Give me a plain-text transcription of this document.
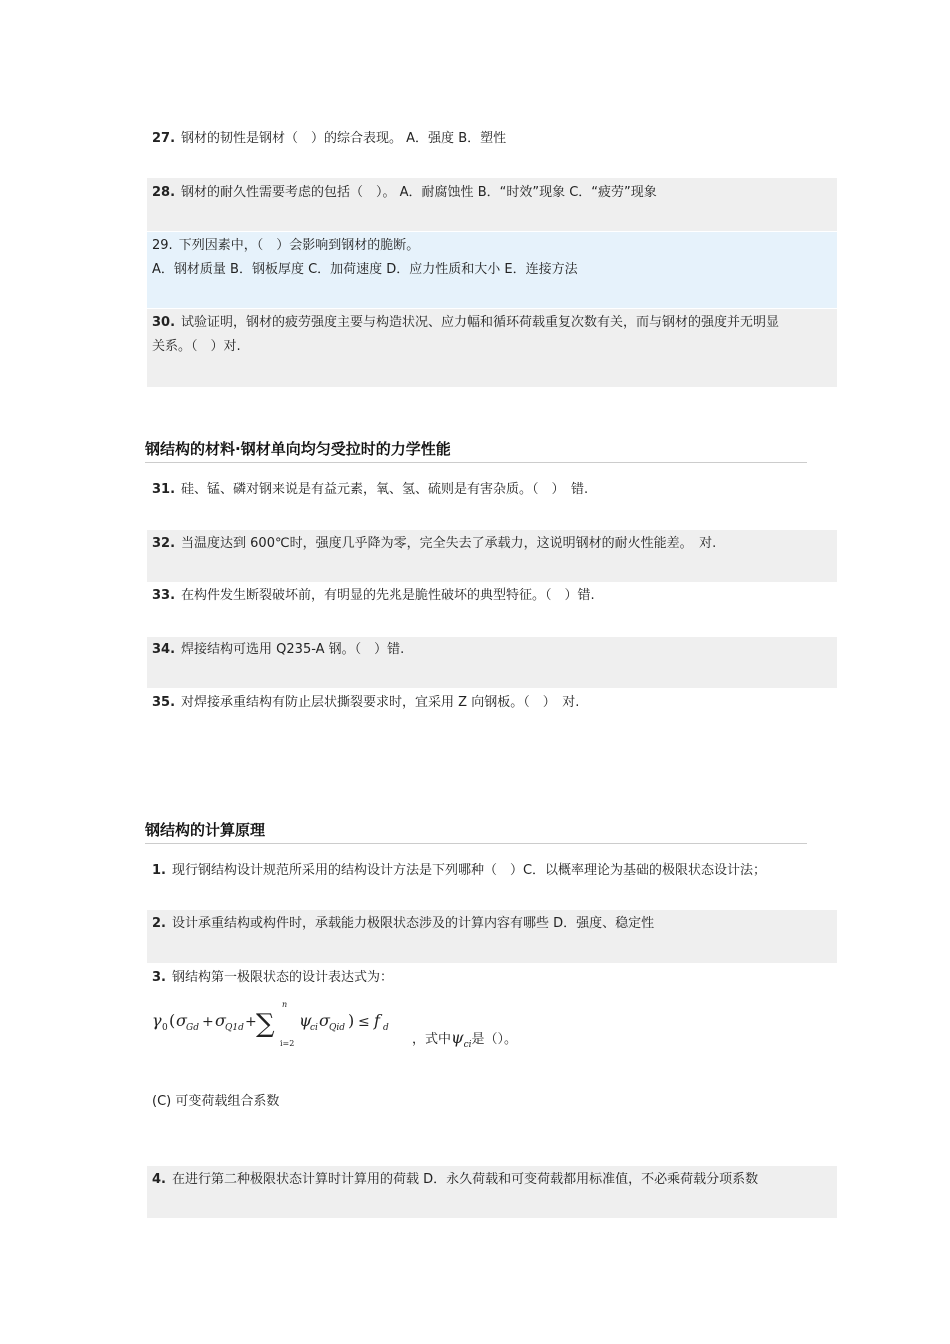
27. 钢材的韧性是钢材（　）的综合表现。 A．强度 B．塑性
28. 钢材的耐久性需要考虑的包括（　）。 A．耐腐蚀性 B．“时效”现象 C．“疲劳”现象
29. 下列因素中，（　）会影响到钢材的脆断。
A．钢材质量 B．钢板厚度 C．加荷速度 D．应力性质和大小 E．连接方法
30. 试验证明，钢材的疲劳强度主要与构造状况、应力幅和循环荷载重复次数有关，而与钢材的强度并无明显
关系。（　）对.
钢结构的材料·钢材单向均匀受拉时的力学性能
31. 硅、锰、磷对钢来说是有益元素，氧、氢、硫则是有害杂质。（　）　错.
32. 当温度达到 600℃时，强度几乎降为零，完全失去了承载力，这说明钢材的耐火性能差。　对.
33. 在构件发生断裂破坏前，有明显的先兆是脆性破坏的典型特征。（　）错.
34. 焊接结构可选用 Q235-A 钢。（　）错.
35. 对焊接承重结构有防止层状撕裂要求时，宜采用 Z 向钢板。（　）　对.
钢结构的计算原理
1. 现行钢结构设计规范所采用的结构设计方法是下列哪种（　）C．以概率理论为基础的极限状态设计法；
2. 设计承重结构或构件时，承载能力极限状态涉及的计算内容有哪些 D．强度、稳定性
3. 钢结构第一极限状态的设计表达式为：
γ 0 ( σ Gd + σ Q1d +
n
∑
i=2
ψ
ci σ Qid ) ≤ f d
，式中$\psi_{ci}$是（）。
(C) 可变荷载组合系数
4. 在进行第二种极限状态计算时计算用的荷载 D．永久荷载和可变荷载都用标准值，不必乘荷载分项系数
